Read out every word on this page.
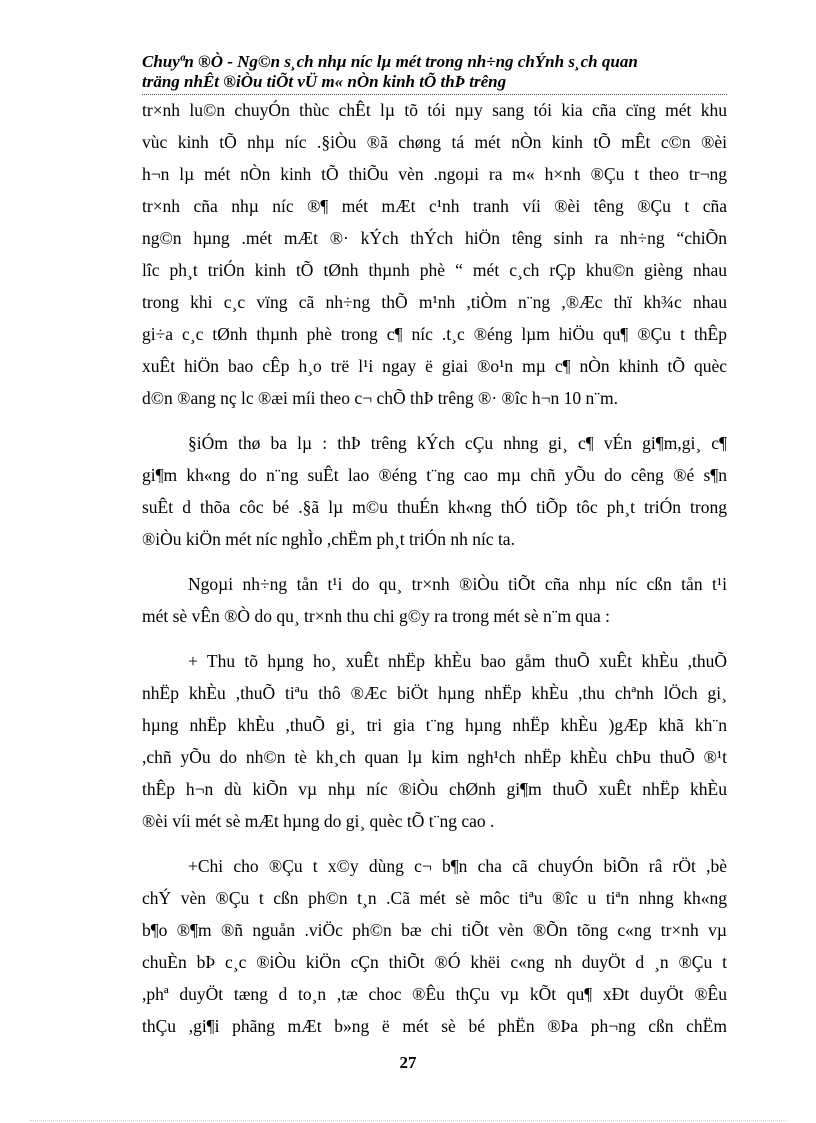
Chuyªn ®Ò - Ng©n s¸ch nhµ níc lµ mét trong nh÷ng chÝnh s¸ch quan
träng nhÊt ®iÒu tiÕt vÜ m« nÒn kinh tÕ thÞ trêng
tr×nh lu©n chuyÓn thùc chÊt lµ tõ tói nµy sang tói kia cña cïng mét khu
vùc kinh tÕ nhµ níc .§iÒu ®ã chøng tá mét nÒn kinh tÕ mÊt c©n ®èi
h¬n lµ mét nÒn kinh tÕ thiÕu vèn .ngoµi ra m« h×nh ®Çu t theo tr¬ng
tr×nh cña nhµ níc ®¶ mét mÆt c¹nh tranh víi ®èi têng ®Çu t cña
ng©n hµng .mét mÆt ®· kÝch thÝch hiÖn têng sinh ra nh÷ng “chiÕn
lîc ph¸t triÓn kinh tÕ tØnh thµnh phè “ mét c¸ch rÇp khu©n gièng nhau
trong khi c¸c vïng cã nh÷ng thÕ m¹nh ,tiÒm n¨ng ,®Æc thï kh¾c nhau
gi÷a c¸c tØnh thµnh phè trong c¶ níc .t¸c ®éng lµm hiÖu qu¶ ®Çu t thÊp
xuÊt hiÖn bao cÊp h¸o trë l¹i ngay ë giai ®o¹n mµ c¶ nÒn khinh tÕ quèc
d©n ®ang nç lc ®æi míi theo c¬ chÕ thÞ trêng ®· ®îc h¬n 10 n¨m.
§iÓm thø ba lµ : thÞ trêng kÝch cÇu nhng gi¸ c¶ vÉn gi¶m,gi¸ c¶
gi¶m kh«ng do n¨ng suÊt lao ®éng t¨ng cao mµ chñ yÕu do cêng ®é s¶n
suÊt d thõa côc bé .§ã lµ m©u thuÉn kh«ng thÓ tiÕp tôc ph¸t triÓn trong
®iÒu kiÖn mét níc nghÌo ,chËm ph¸t triÓn nh níc ta.
Ngoµi nh÷ng tån t¹i do qu¸ tr×nh ®iÒu tiÕt cña nhµ níc cßn tån t¹i
mét sè vÊn ®Ò do qu¸ tr×nh thu chi g©y ra trong mét sè n¨m qua :
+ Thu tõ hµng ho¸ xuÊt nhËp khÈu bao gåm thuÕ xuÊt khÈu ,thuÕ
nhËp khÈu ,thuÕ tiªu thô ®Æc biÖt hµng nhËp khÈu ,thu chªnh lÖch gi¸
hµng nhËp khÈu ,thuÕ gi¸ tri gia t¨ng hµng nhËp khÈu )gÆp khã kh¨n
,chñ yÕu do nh©n tè kh¸ch quan lµ kim ngh¹ch nhËp khÈu chÞu thuÕ ®¹t
thÊp h¬n dù kiÕn vµ nhµ níc ®iÒu chØnh gi¶m thuÕ xuÊt nhËp khÈu
®èi víi mét sè mÆt hµng do gi¸ quèc tÕ t¨ng cao .
+Chi cho ®Çu t x©y dùng c¬ b¶n cha cã chuyÓn biÕn râ rÖt ,bè
chÝ vèn ®Çu t cßn ph©n t¸n .Cã mét sè môc tiªu ®îc u tiªn nhng kh«ng
b¶o ®¶m ®ñ nguån .viÖc ph©n bæ chi tiÕt vèn ®Õn tõng c«ng tr×nh vµ
chuÈn bÞ c¸c ®iÒu kiÖn cÇn thiÕt ®Ó khëi c«ng nh duyÖt d ¸n ®Çu t
,phª duyÖt tæng d to¸n ,tæ choc ®Êu thÇu vµ kÕt qu¶ xÐt duyÖt ®Êu
thÇu ,gi¶i phãng mÆt b»ng ë mét sè bé phËn ®Þa ph¬ng cßn chËm
27
